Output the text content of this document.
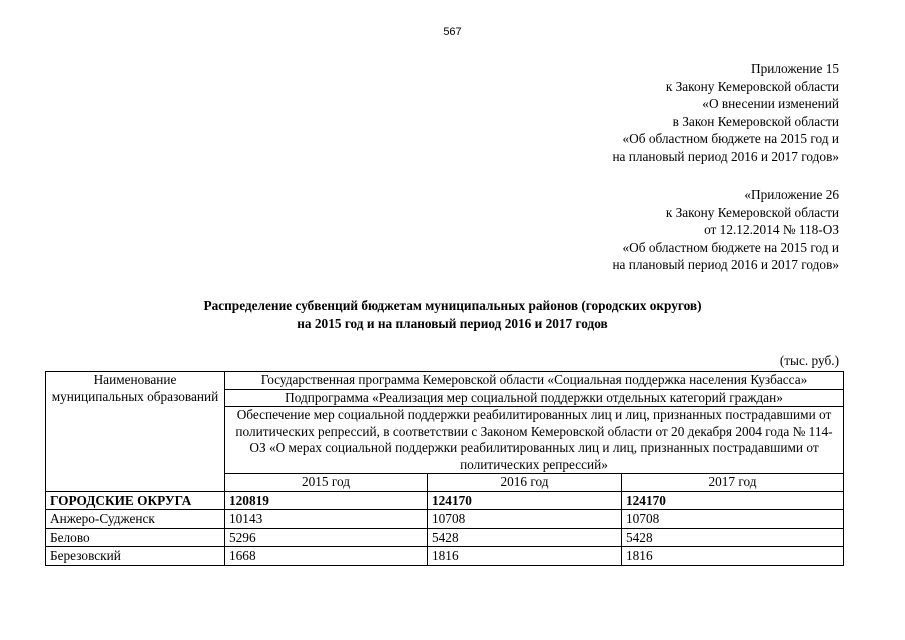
567
Приложение 15
к Закону Кемеровской области
«О внесении изменений
в Закон Кемеровской области
«Об областном бюджете на 2015 год и
на плановый период 2016 и 2017 годов»
«Приложение 26
к Закону Кемеровской области
от 12.12.2014 № 118-ОЗ
«Об областном бюджете на 2015 год и
на плановый период 2016 и 2017 годов»
Распределение субвенций бюджетам муниципальных районов (городских округов)
на 2015 год и на плановый период 2016 и 2017 годов
(тыс. руб.)
Наименование муниципальных образований	Государственная программа Кемеровской области «Социальная поддержка населения Кузбасса»		
	Подпрограмма «Реализация мер социальной поддержки отдельных категорий граждан»		
	Обеспечение мер социальной поддержки реабилитированных лиц и лиц, признанных пострадавшими от политических репрессий, в соответствии с Законом Кемеровской области от 20 декабря 2004 года № 114-ОЗ «О мерах социальной поддержки реабилитированных лиц и лиц, признанных пострадавшими от политических репрессий»		
	2015 год	2016 год	2017 год
ГОРОДСКИЕ ОКРУГА	120819	124170	124170
Анжеро-Судженск	10143	10708	10708
Белово	5296	5428	5428
Березовский	1668	1816	1816
